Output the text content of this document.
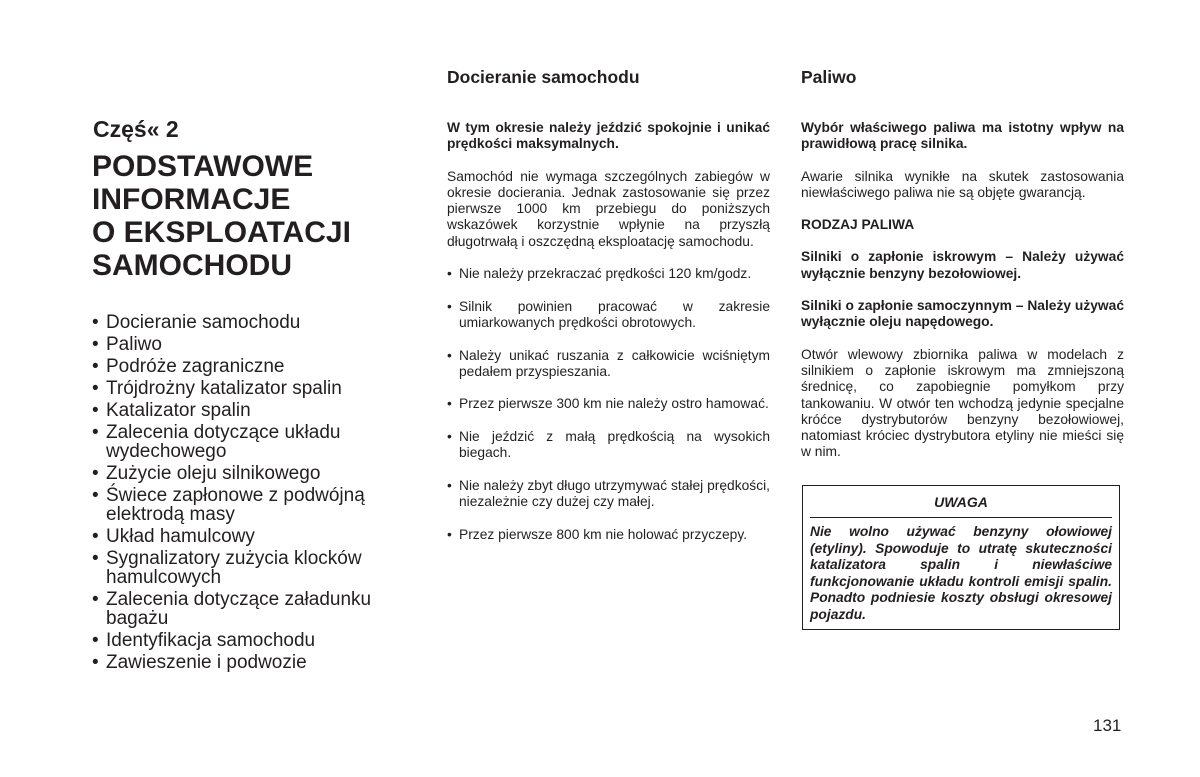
Częś« 2
PODSTAWOWE
INFORMACJE
O EKSPLOATACJI
SAMOCHODU
• Docieranie samochodu
• Paliwo
• Podróże zagraniczne
• Trójdrożny katalizator spalin
• Katalizator spalin
• Zalecenia dotyczące układu wydechowego
• Zużycie oleju silnikowego
• Świece zapłonowe z podwójną elektrodą masy
• Układ hamulcowy
• Sygnalizatory zużycia klocków hamulcowych
• Zalecenia dotyczące załadunku bagażu
• Identyfikacja samochodu
• Zawieszenie i podwozie
Docieranie samochodu

W tym okresie należy jeździć spokojnie i unikać prędkości maksymalnych.

Samochód nie wymaga szczególnych zabiegów w okresie docierania. Jednak zastosowanie się przez pierwsze 1000 km przebiegu do poniższych wskazówek korzystnie wpłynie na przyszłą długotrwałą i oszczędną eksploatację samochodu.

• Nie należy przekraczać prędkości 120 km/godz.
• Silnik powinien pracować w zakresie umiarkowanych prędkości obrotowych.
• Należy unikać ruszania z całkowicie wciśniętym pedałem przyspieszania.
• Przez pierwsze 300 km nie należy ostro hamować.
• Nie jeździć z małą prędkością na wysokich biegach.
• Nie należy zbyt długo utrzymywać stałej prędkości, niezależnie czy dużej czy małej.
• Przez pierwsze 800 km nie holować przyczepy.
Paliwo

Wybór właściwego paliwa ma istotny wpływ na prawidłową pracę silnika.

Awarie silnika wynikłe na skutek zastosowania niewłaściwego paliwa nie są objęte gwarancją.

RODZAJ PALIWA

Silniki o zapłonie iskrowym – Należy używać wyłącznie benzyny bezołowiowej.

Silniki o zapłonie samoczynnym – Należy używać wyłącznie oleju napędowego.

Otwór wlewowy zbiornika paliwa w modelach z silnikiem o zapłonie iskrowym ma zmniejszoną średnicę, co zapobiegnie pomyłkom przy tankowaniu. W otwór ten wchodzą jedynie specjalne króćce dystrybutorów benzyny bezołowiowej, natomiast króciec dystrybutora etyliny nie mieści się w nim.

UWAGA
Nie wolno używać benzyny ołowiowej (etyliny). Spowoduje to utratę skuteczności katalizatora spalin i niewłaściwe funkcjonowanie układu kontroli emisji spalin. Ponadto podniesie koszty obsługi okresowej pojazdu.
131
